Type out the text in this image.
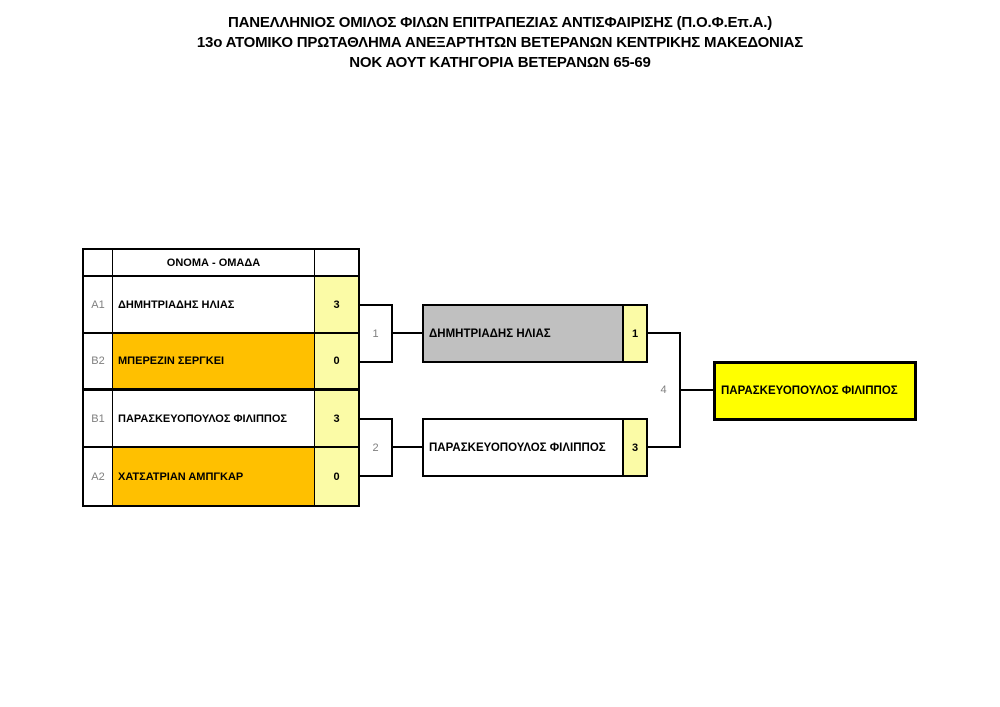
ΠΑΝΕΛΛΗΝΙΟΣ ΟΜΙΛΟΣ ΦΙΛΩΝ ΕΠΙΤΡΑΠΕΖΙΑΣ ΑΝΤΙΣΦΑΙΡΙΣΗΣ (Π.Ο.Φ.Επ.Α.)
13ο ΑΤΟΜΙΚΟ ΠΡΩΤΑΘΛΗΜΑ ΑΝΕΞΑΡΤΗΤΩΝ ΒΕΤΕΡΑΝΩΝ ΚΕΝΤΡΙΚΗΣ ΜΑΚΕΔΟΝΙΑΣ
ΝΟΚ ΑΟΥΤ ΚΑΤΗΓΟΡΙΑ ΒΕΤΕΡΑΝΩΝ 65-69
ΟΝΟΜΑ - ΟΜΑΔΑ
A1	ΔΗΜΗΤΡΙΑΔΗΣ ΗΛΙΑΣ	3
B2	ΜΠΕΡΕΖΙΝ ΣΕΡΓΚΕΙ	0
B1	ΠΑΡΑΣΚΕΥΟΠΟΥΛΟΣ ΦΙΛΙΠΠΟΣ	3
A2	ΧΑΤΣΑΤΡΙΑΝ ΑΜΠΓΚΑΡ	0
1
2
ΔΗΜΗΤΡΙΑΔΗΣ ΗΛΙΑΣ	1
ΠΑΡΑΣΚΕΥΟΠΟΥΛΟΣ ΦΙΛΙΠΠΟΣ	3
4	ΠΑΡΑΣΚΕΥΟΠΟΥΛΟΣ ΦΙΛΙΠΠΟΣ
